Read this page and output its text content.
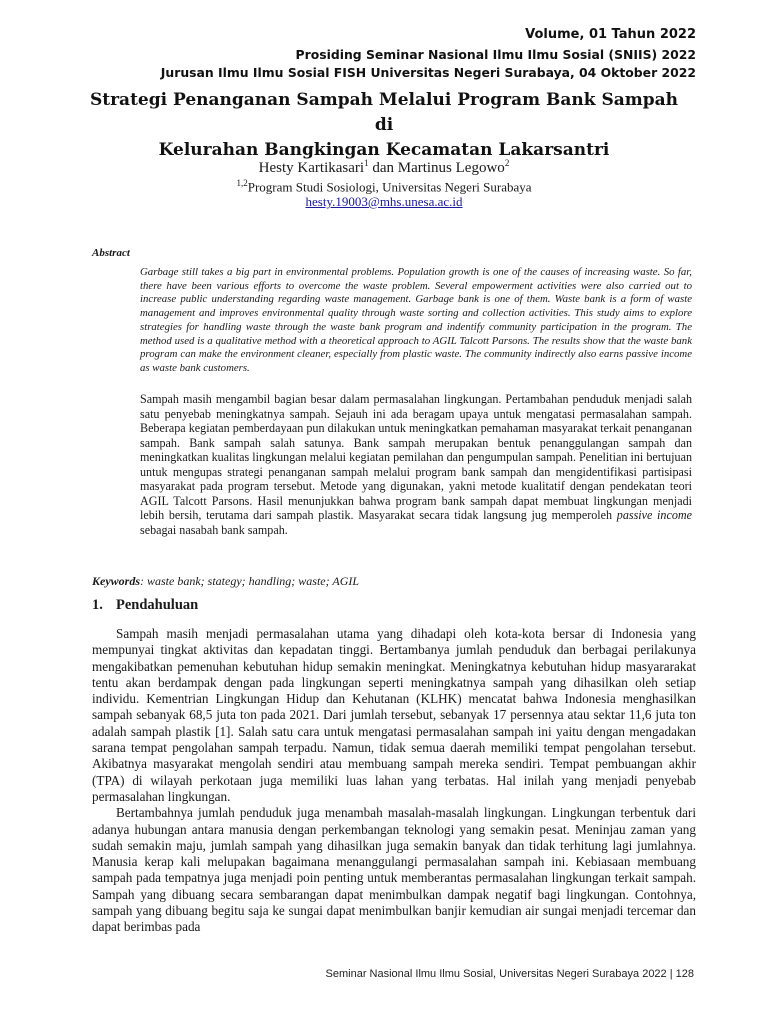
Volume, 01 Tahun 2022
Prosiding Seminar Nasional Ilmu Ilmu Sosial (SNIIS) 2022
Jurusan Ilmu Ilmu Sosial FISH Universitas Negeri Surabaya, 04 Oktober 2022
Strategi Penanganan Sampah Melalui Program Bank Sampah di
Kelurahan Bangkingan Kecamatan Lakarsantri
Hesty Kartikasari$^1$ dan Martinus Legowo$^2$
$^{1,2}$Program Studi Sosiologi, Universitas Negeri Surabaya
hesty.19003@mhs.unesa.ac.id
Abstract

Garbage still takes a big part in environmental problems. Population growth is one of the causes of increasing waste. So far, there have been various efforts to overcome the waste problem. Several empowerment activities were also carried out to increase public understanding regarding waste management. Garbage bank is one of them. Waste bank is a form of waste management and improves environmental quality through waste sorting and collection activities. This study aims to explore strategies for handling waste through the waste bank program and indentify community participation in the program. The method used is a qualitative method with a theoretical approach to AGIL Talcott Parsons. The results show that the waste bank program can make the environment cleaner, especially from plastic waste. The community indirectly also earns passive income as waste bank customers.

Sampah masih mengambil bagian besar dalam permasalahan lingkungan. Pertambahan penduduk menjadi salah satu penyebab meningkatnya sampah. Sejauh ini ada beragam upaya untuk mengatasi permasalahan sampah. Beberapa kegiatan pemberdayaan pun dilakukan untuk meningkatkan pemahaman masyarakat terkait penanganan sampah. Bank sampah salah satunya. Bank sampah merupakan bentuk penanggulangan sampah dan meningkatkan kualitas lingkungan melalui kegiatan pemilahan dan pengumpulan sampah. Penelitian ini bertujuan untuk mengupas strategi penanganan sampah melalui program bank sampah dan mengidentifikasi partisipasi masyarakat pada program tersebut. Metode yang digunakan, yakni metode kualitatif dengan pendekatan teori AGIL Talcott Parsons. Hasil menunjukkan bahwa program bank sampah dapat membuat lingkungan menjadi lebih bersih, terutama dari sampah plastik. Masyarakat secara tidak langsung jug memperoleh passive income sebagai nasabah bank sampah.

Keywords: waste bank; stategy; handling; waste; AGIL
1. Pendahuluan

Sampah masih menjadi permasalahan utama yang dihadapi oleh kota-kota bersar di Indonesia yang mempunyai tingkat aktivitas dan kepadatan tinggi. Bertambanya jumlah penduduk dan berbagai perilakunya mengakibatkan pemenuhan kebutuhan hidup semakin meningkat. Meningkatnya kebutuhan hidup masyararakat tentu akan berdampak dengan pada lingkungan seperti meningkatnya sampah yang dihasilkan oleh setiap individu. Kementrian Lingkungan Hidup dan Kehutanan (KLHK) mencatat bahwa Indonesia menghasilkan sampah sebanyak 68,5 juta ton pada 2021. Dari jumlah tersebut, sebanyak 17 persennya atau sektar 11,6 juta ton adalah sampah plastik [1]. Salah satu cara untuk mengatasi permasalahan sampah ini yaitu dengan mengadakan sarana tempat pengolahan sampah terpadu. Namun, tidak semua daerah memiliki tempat pengolahan tersebut. Akibatnya masyarakat mengolah sendiri atau membuang sampah mereka sendiri. Tempat pembuangan akhir (TPA) di wilayah perkotaan juga memiliki luas lahan yang terbatas. Hal inilah yang menjadi penyebab permasalahan lingkungan.

Bertambahnya jumlah penduduk juga menambah masalah-masalah lingkungan. Lingkungan terbentuk dari adanya hubungan antara manusia dengan perkembangan teknologi yang semakin pesat. Meninjau zaman yang sudah semakin maju, jumlah sampah yang dihasilkan juga semakin banyak dan tidak terhitung lagi jumlahnya. Manusia kerap kali melupakan bagaimana menanggulangi permasalahan sampah ini. Kebiasaan membuang sampah pada tempatnya juga menjadi poin penting untuk memberantas permasalahan lingkungan terkait sampah. Sampah yang dibuang secara sembarangan dapat menimbulkan dampak negatif bagi lingkungan. Contohnya, sampah yang dibuang begitu saja ke sungai dapat menimbulkan banjir kemudian air sungai menjadi tercemar dan dapat berimbas pada

Seminar Nasional Ilmu Ilmu Sosial, Universitas Negeri Surabaya 2022 | 128
